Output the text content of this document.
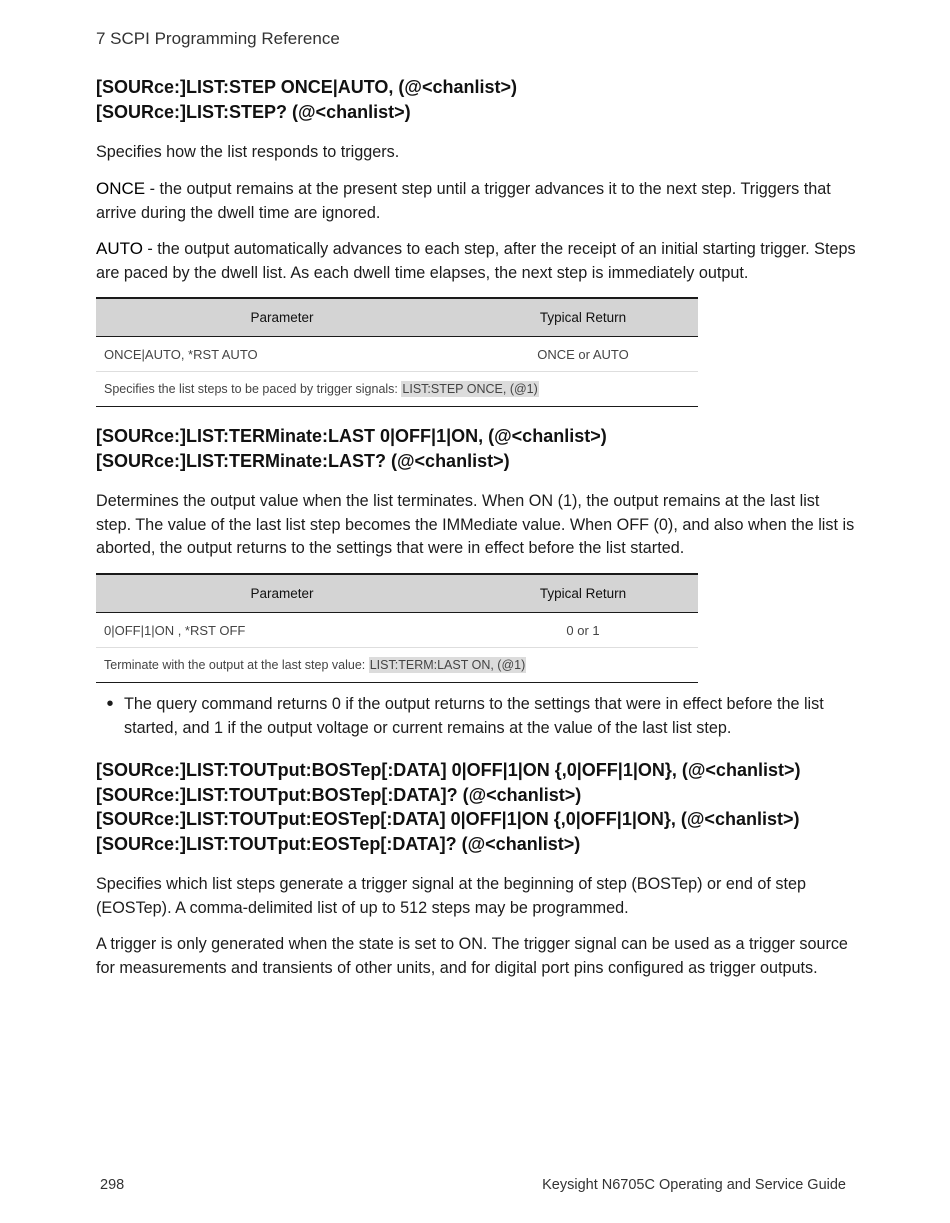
7 SCPI Programming Reference

[SOURce:]LIST:STEP ONCE|AUTO, (@<chanlist>)

[SOURce:]LIST:STEP? (@<chanlist>)

Specifies how the list responds to triggers.

ONCE - the output remains at the present step until a trigger advances it to the next step. Triggers that arrive during the dwell time are ignored.

AUTO - the output automatically advances to each step, after the receipt of an initial starting trigger. Steps are paced by the dwell list. As each dwell time elapses, the next step is immediately output.

Parameter	Typical Return
ONCE|AUTO, *RST AUTO	ONCE or AUTO
Specifies the list steps to be paced by trigger signals: LIST:STEP ONCE, (@1)	

[SOURce:]LIST:TERMinate:LAST 0|OFF|1|ON, (@<chanlist>)

[SOURce:]LIST:TERMinate:LAST? (@<chanlist>)

Determines the output value when the list terminates. When ON (1), the output remains at the last list step. The value of the last list step becomes the IMMediate value. When OFF (0), and also when the list is aborted, the output returns to the settings that were in effect before the list started.

Parameter	Typical Return
0|OFF|1|ON , *RST OFF	0 or 1
Terminate with the output at the last step value: LIST:TERM:LAST ON, (@1)	
• The query command returns 0 if the output returns to the settings that were in effect before the list started, and 1 if the output voltage or current remains at the value of the last list step.

[SOURce:]LIST:TOUTput:BOSTep[:DATA] 0|OFF|1|ON {,0|OFF|1|ON}, (@<chanlist>)

[SOURce:]LIST:TOUTput:BOSTep[:DATA]? (@<chanlist>)

[SOURce:]LIST:TOUTput:EOSTep[:DATA] 0|OFF|1|ON {,0|OFF|1|ON}, (@<chanlist>)

[SOURce:]LIST:TOUTput:EOSTep[:DATA]? (@<chanlist>)

Specifies which list steps generate a trigger signal at the beginning of step (BOSTep) or end of step (EOSTep). A comma-delimited list of up to 512 steps may be programmed.

A trigger is only generated when the state is set to ON. The trigger signal can be used as a trigger source for measurements and transients of other units, and for digital port pins configured as trigger outputs.

298	Keysight N6705C Operating and Service Guide
